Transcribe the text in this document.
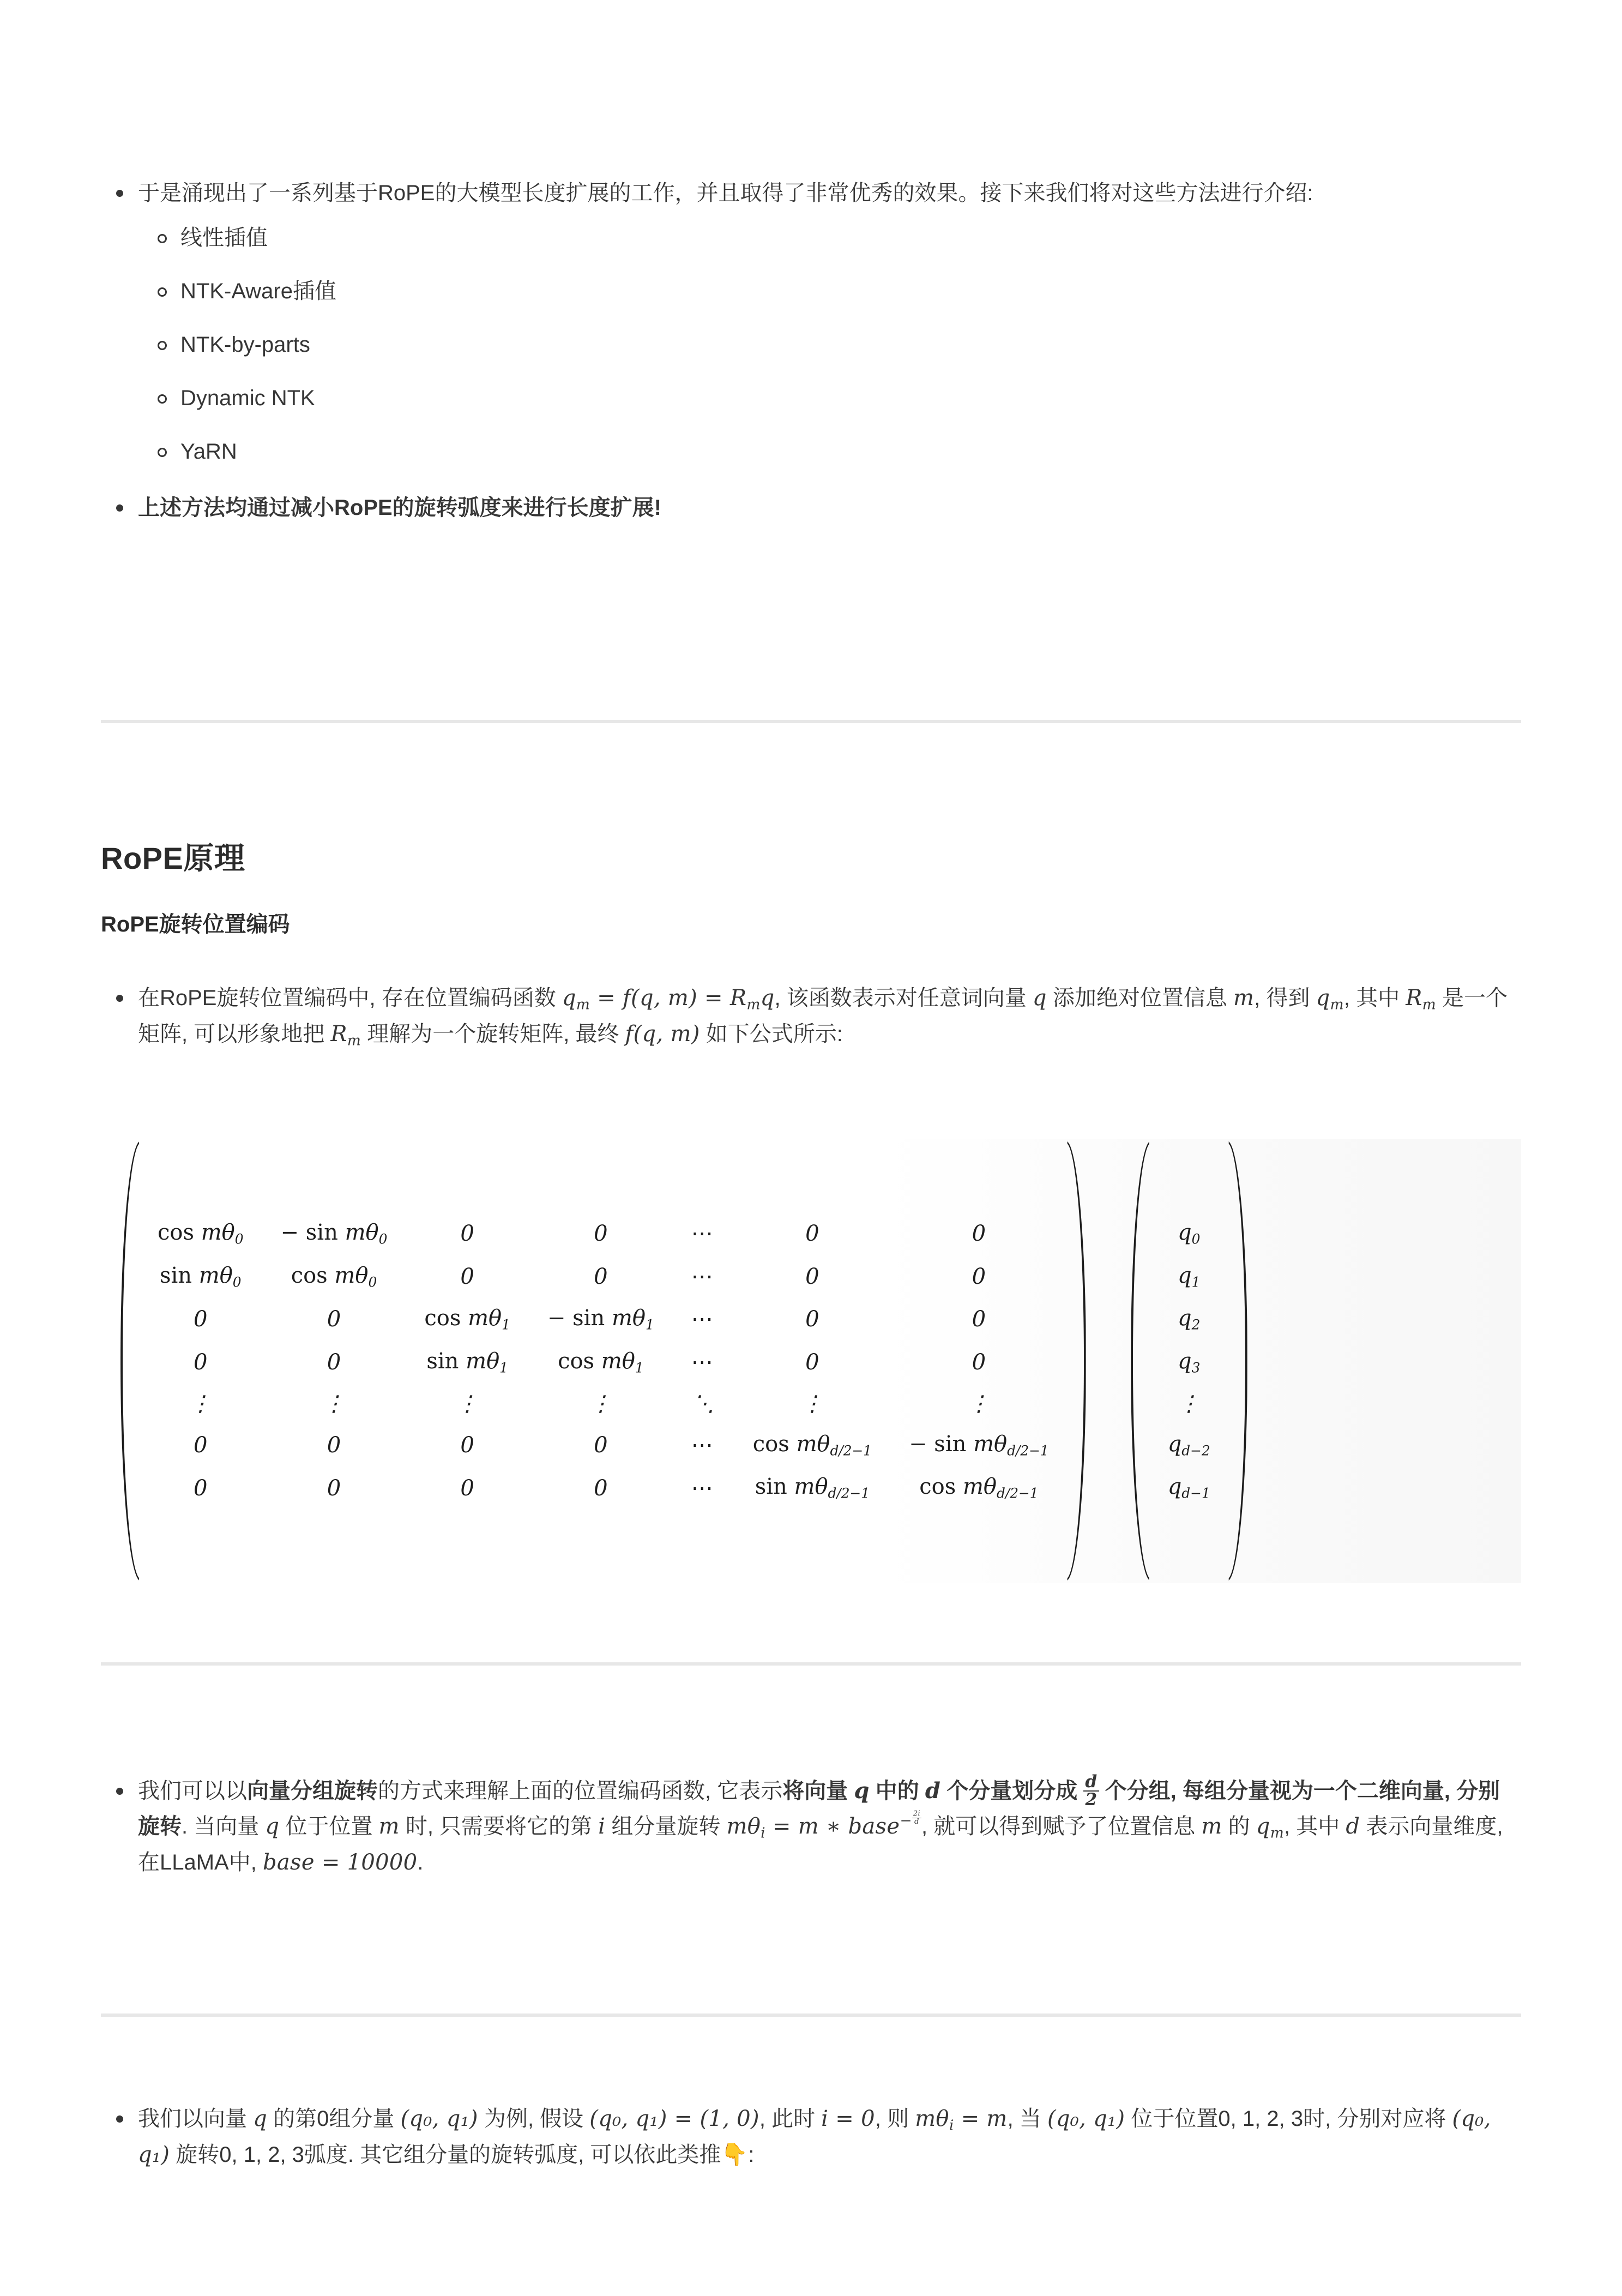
于是涌现出了一系列基于RoPE的大模型长度扩展的工作，并且取得了非常优秀的效果。接下来我们将对这些方法进行介绍:
线性插值
NTK-Aware插值
NTK-by-parts
Dynamic NTK
YaRN
上述方法均通过减小RoPE的旋转弧度来进行长度扩展!
RoPE原理
RoPE旋转位置编码
在RoPE旋转位置编码中, 存在位置编码函数 $q_m = f(q$, $m) = R_mq$, 该函数表示对任意词向量 q 添加绝对位置信息 m, 得到 $q_m$, 其中 $R_m$ 是一个矩阵, 可以形象地把 $R_m$ 理解为一个旋转矩阵, 最终 f(q, m) 如下公式所示:
cos mθ0	− sin mθ0	0	0	⋯	0	0
sin mθ0	cos mθ0	0	0	⋯	0	0
0	0	cos mθ1	− sin mθ1	⋯	0	0
0	0	sin mθ1	cos mθ1	⋯	0	0
⋮	⋮	⋮	⋮	⋱	⋮	⋮
0	0	0	0	⋯	cos mθd/2−1	− sin mθd/2−1
0	0	0	0	⋯	sin mθd/2−1	cos mθd/2−1
q0
q1
q2
q3
⋮
qd−2
qd−1
我们可以以向量分组旋转的方式来理解上面的位置编码函数, 它表示将向量 q 中的 d 个分量划分成 $\frac{d}{2}$ 个分组, 每组分量视为一个二维向量, 分别旋转. 当向量 q 位于位置 m 时, 只需要将它的第 i 组分量旋转 $m\theta_i = m$ ∗ base$^{- \frac{2i}{d}}$ , 就可以得到赋予了位置信息 m 的 $q_m$, 其中 d 表示向量维度, 在LLaMA中, base = 10000.
我们以向量 q 的第0组分量 (q₀, q₁) 为例, 假设 (q₀, q₁) = (1, 0), 此时 i = 0, 则 $m\theta_i = m$, 当 (q₀, q₁) 位于位置0, 1, 2, 3时, 分别对应将 (q₀, q₁) 旋转0, 1, 2, 3弧度. 其它组分量的旋转弧度, 可以依此类推👇:
